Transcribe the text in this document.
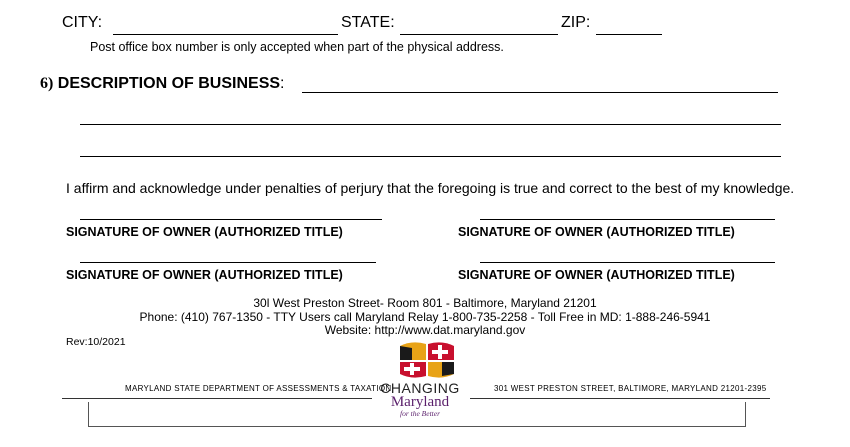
CITY:	STATE:	ZIP:
Post office box number is only accepted when part of the physical address.
6) DESCRIPTION OF BUSINESS:
I affirm and acknowledge under penalties of perjury that the foregoing is true and correct to the best of my knowledge.
SIGNATURE OF OWNER (AUTHORIZED TITLE)	SIGNATURE OF OWNER (AUTHORIZED TITLE)
SIGNATURE OF OWNER (AUTHORIZED TITLE)	SIGNATURE OF OWNER (AUTHORIZED TITLE)
30l West Preston Street- Room 801 - Baltimore, Maryland 21201
Phone: (410) 767-1350 - TTY Users call Maryland Relay 1-800-735-2258 - Toll Free in MD: 1-888-246-5941
Website: http://www.dat.maryland.gov
Rev:10/2021
CHANGING
Maryland
for the Better
MARYLAND STATE DEPARTMENT OF ASSESSMENTS & TAXATION	301 WEST PRESTON STREET, BALTIMORE, MARYLAND 21201-2395
